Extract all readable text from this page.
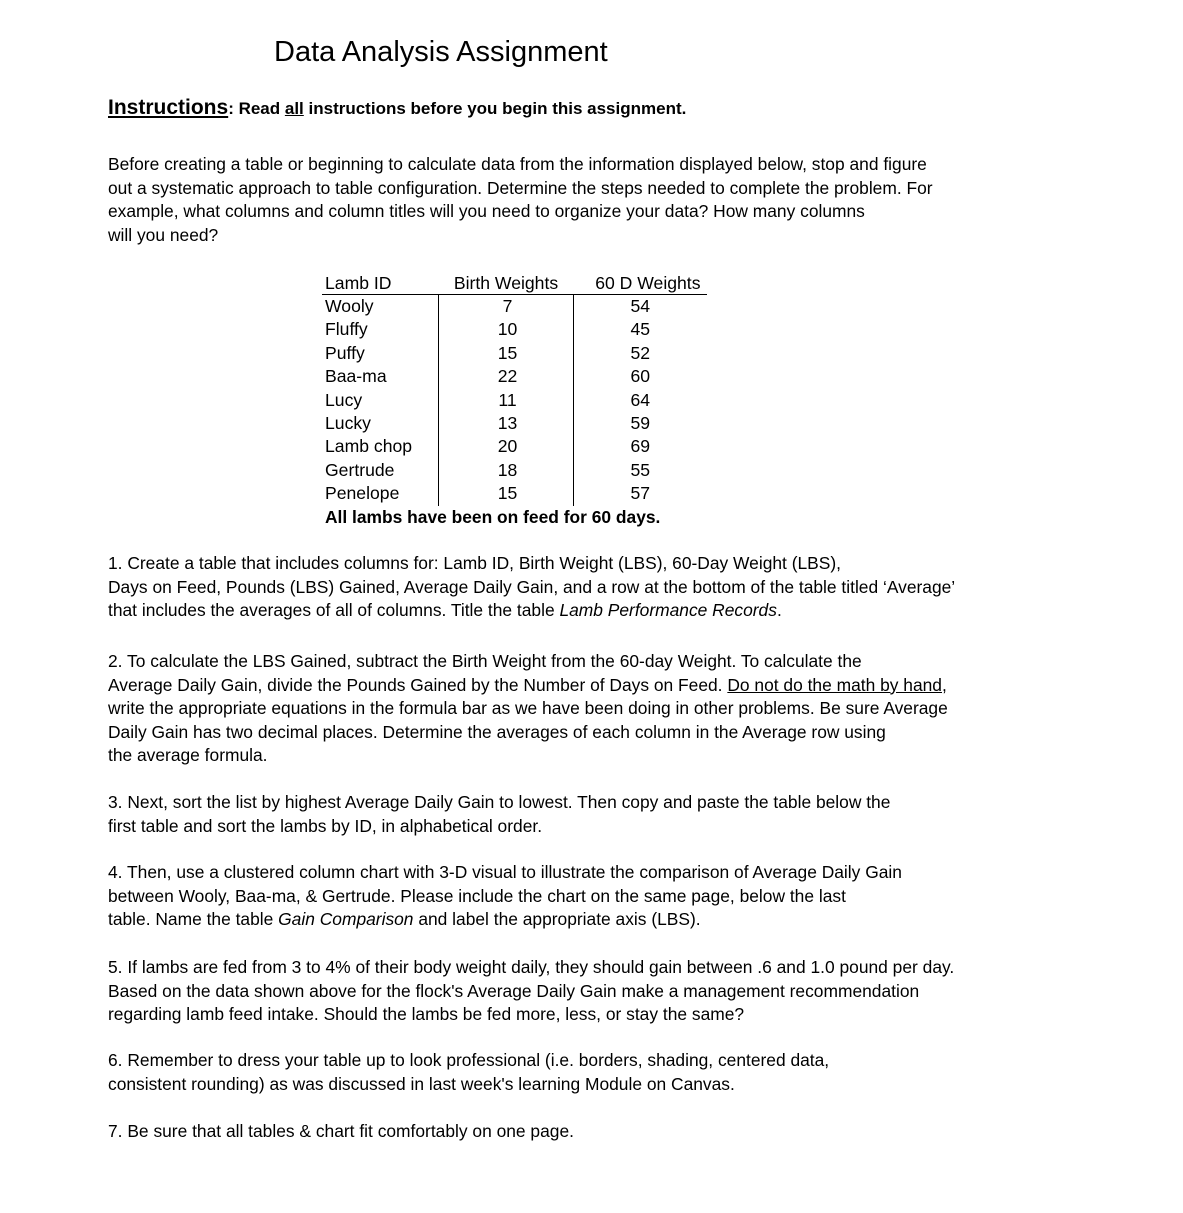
Data Analysis Assignment
Instructions: Read all instructions before you begin this assignment.

Before creating a table or beginning to calculate data from the information displayed below, stop and figure
out a systematic approach to table configuration. Determine the steps needed to complete the problem. For
example, what columns and column titles will you need to organize your data? How many columns
will you need?

Lamb ID	Birth Weights	60 D Weights
Wooly	7	54
Fluffy	10	45
Puffy	15	52
Baa-ma	22	60
Lucy	11	64
Lucky	13	59
Lamb chop	20	69
Gertrude	18	55
Penelope	15	57
All lambs have been on feed for 60 days.

1. Create a table that includes columns for: Lamb ID, Birth Weight (LBS), 60-Day Weight (LBS),
Days on Feed, Pounds (LBS) Gained, Average Daily Gain, and a row at the bottom of the table titled ‘Average’
that includes the averages of all of columns. Title the table Lamb Performance Records.

2. To calculate the LBS Gained, subtract the Birth Weight from the 60-day Weight. To calculate the
Average Daily Gain, divide the Pounds Gained by the Number of Days on Feed. Do not do the math by hand,
write the appropriate equations in the formula bar as we have been doing in other problems. Be sure Average
Daily Gain has two decimal places. Determine the averages of each column in the Average row using
the average formula.

3. Next, sort the list by highest Average Daily Gain to lowest. Then copy and paste the table below the
first table and sort the lambs by ID, in alphabetical order.

4. Then, use a clustered column chart with 3-D visual to illustrate the comparison of Average Daily Gain
between Wooly, Baa-ma, & Gertrude. Please include the chart on the same page, below the last
table. Name the table Gain Comparison and label the appropriate axis (LBS).

5. If lambs are fed from 3 to 4% of their body weight daily, they should gain between .6 and 1.0 pound per day.
Based on the data shown above for the flock's Average Daily Gain make a management recommendation
regarding lamb feed intake. Should the lambs be fed more, less, or stay the same?

6. Remember to dress your table up to look professional (i.e. borders, shading, centered data,
consistent rounding) as was discussed in last week's learning Module on Canvas.

7. Be sure that all tables & chart fit comfortably on one page.
